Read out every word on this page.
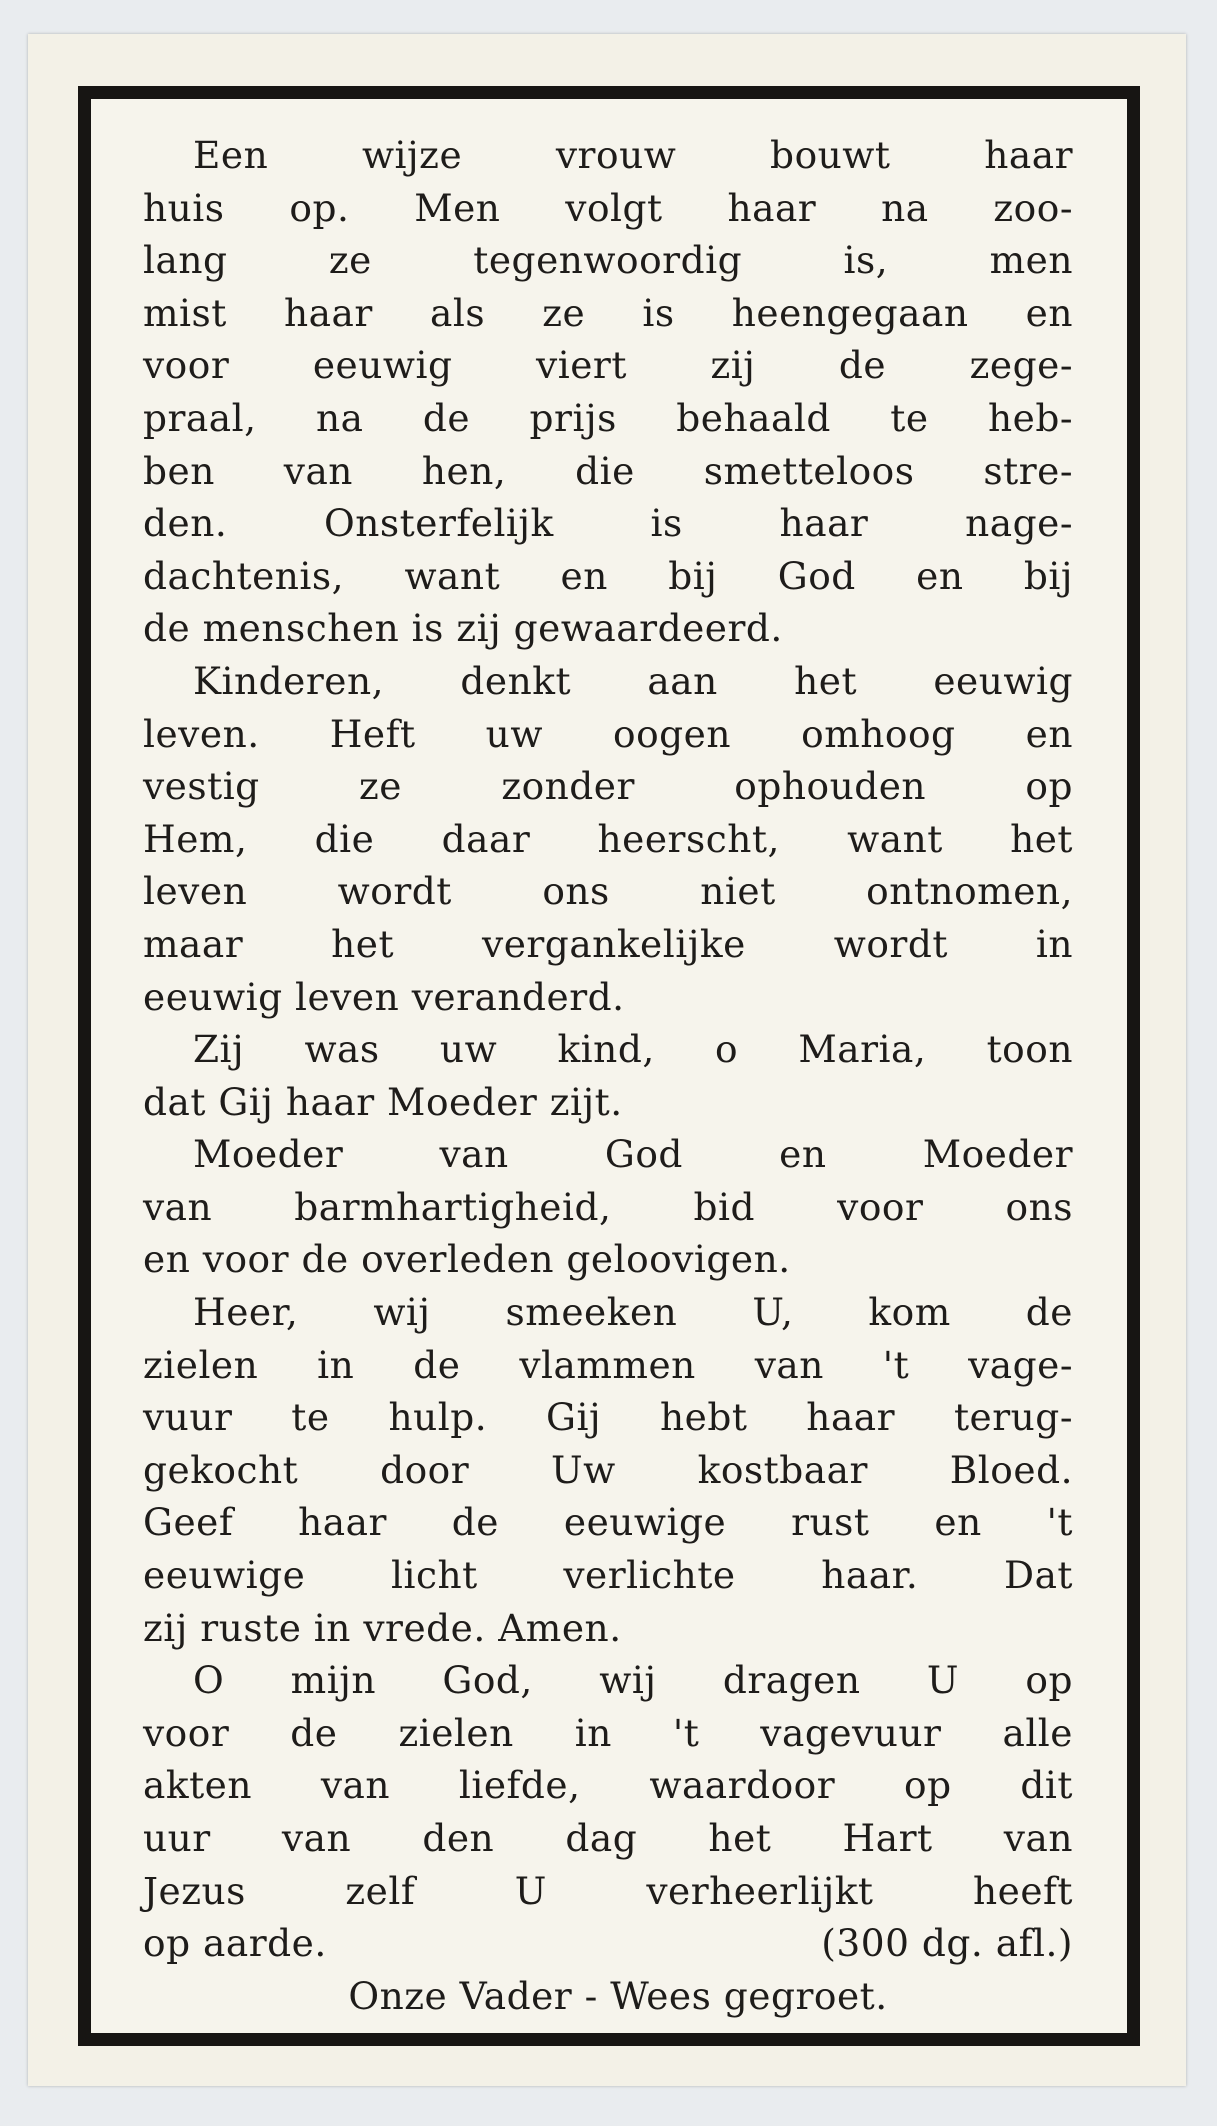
Een wijze vrouw bouwt haar
huis op. Men volgt haar na zoo-
lang ze tegenwoordig is, men
mist haar als ze is heengegaan en
voor eeuwig viert zij de zege-
praal, na de prijs behaald te heb-
ben van hen, die smetteloos stre-
den. Onsterfelijk is haar nage-
dachtenis, want en bij God en bij
de menschen is zij gewaardeerd.
Kinderen, denkt aan het eeuwig
leven. Heft uw oogen omhoog en
vestig ze zonder ophouden op
Hem, die daar heerscht, want het
leven wordt ons niet ontnomen,
maar het vergankelijke wordt in
eeuwig leven veranderd.
Zij was uw kind, o Maria, toon
dat Gij haar Moeder zijt.
Moeder van God en Moeder
van barmhartigheid, bid voor ons
en voor de overleden geloovigen.
Heer, wij smeeken U, kom de
zielen in de vlammen van 't vage-
vuur te hulp. Gij hebt haar terug-
gekocht door Uw kostbaar Bloed.
Geef haar de eeuwige rust en 't
eeuwige licht verlichte haar. Dat
zij ruste in vrede. Amen.
O mijn God, wij dragen U op
voor de zielen in 't vagevuur alle
akten van liefde, waardoor op dit
uur van den dag het Hart van
Jezus zelf U verheerlijkt heeft
op aarde.	(300 dg. afl.)
Onze Vader - Wees gegroet.
